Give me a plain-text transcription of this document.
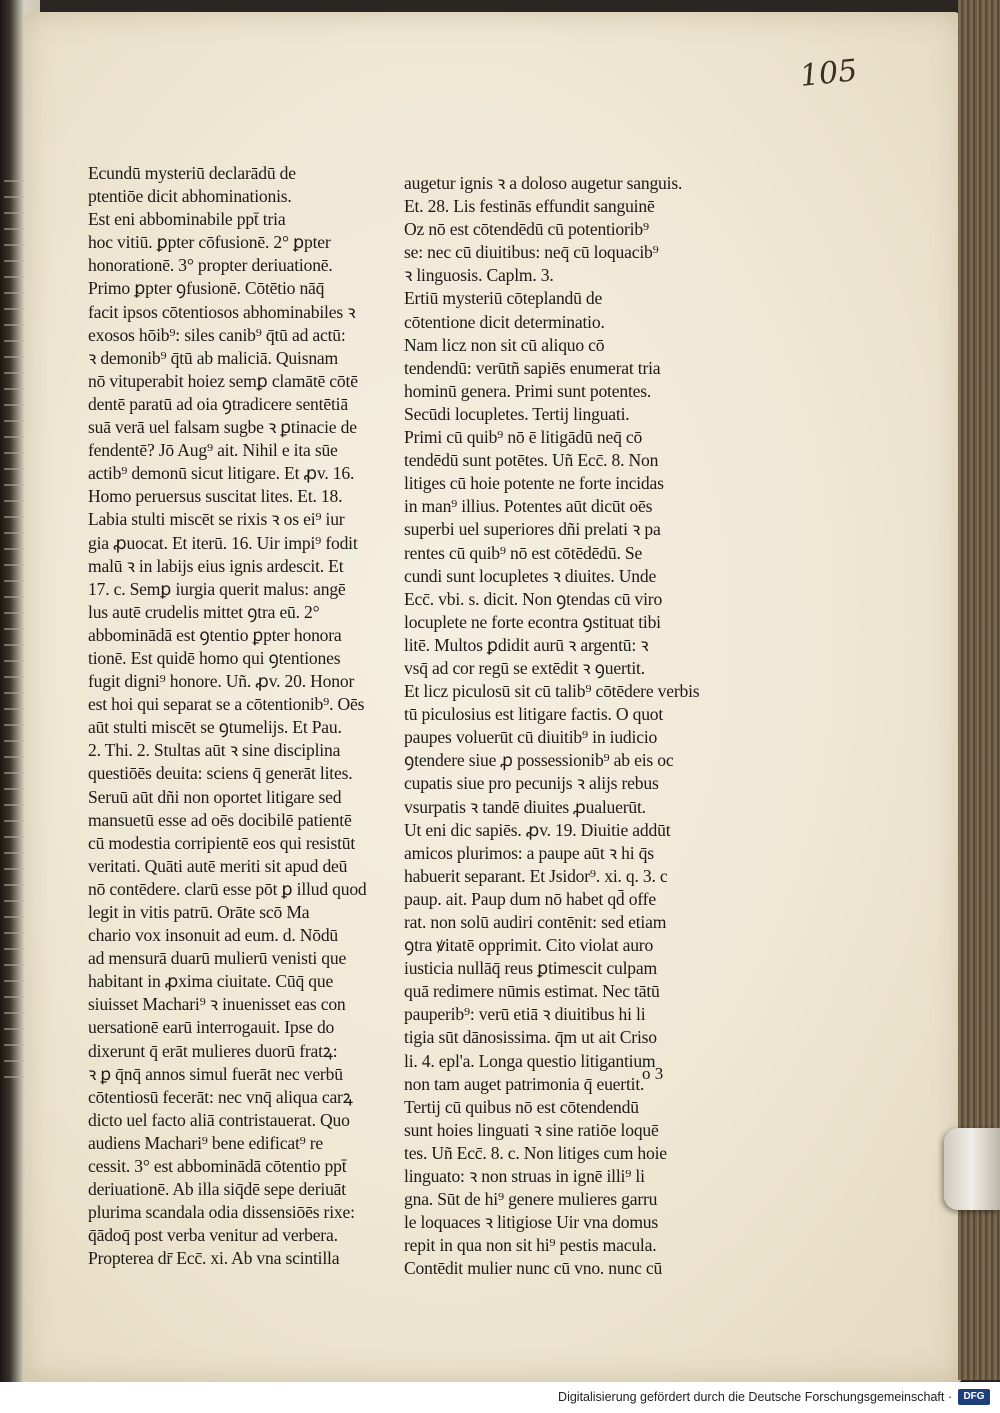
105
Ecundū mysteriū declarādū de
ptentiōe dicit abhominationis.
Est eni abbominabile ppt̄ tria
hoc vitiū. ꝑpter cōfusionē. 2° ꝑpter
honorationē. 3° propter deriuationē.
Primo ꝑpter ꝯfusionē. Cōtētio nāq̄
facit ipsos cōtentiosos abhominabiles ꝛ
exosos hōib⁹: siles canib⁹ q̄tū ad actū:
ꝛ demonib⁹ q̄tū ab maliciā. Quisnam
nō vituperabit hoiez semꝑ clamātē cōtē
dentē paratū ad oia ꝯtradicere sentētiā
suā verā uel falsam sugbe ꝛ ꝑtinacie de
fendentē? Jō Aug⁹ ait. Nihil e ita sūe
actib⁹ demonū sicut litigare. Et ꝓv. 16.
Homo peruersus suscitat lites. Et. 18.
Labia stulti miscēt se rixis ꝛ os ei⁹ iur
gia ꝓuocat. Et iterū. 16. Uir impi⁹ fodit
malū ꝛ in labijs eius ignis ardescit. Et
17. c. Semꝑ iurgia querit malus: angē
lus autē crudelis mittet ꝯtra eū. 2°
abbominādā est ꝯtentio ꝑpter honora
tionē. Est quidē homo qui ꝯtentiones
fugit digni⁹ honore. Uñ. ꝓv. 20. Honor
est hoi qui separat se a cōtentionib⁹. Oēs
aūt stulti miscēt se ꝯtumelijs. Et Pau.
2. Thi. 2. Stultas aūt ꝛ sine disciplina
questiōēs deuita: sciens q̄ generāt lites.
Seruū aūt dñi non oportet litigare sed
mansuetū esse ad oēs docibilē patientē
cū modestia corripientē eos qui resistūt
veritati. Quāti autē meriti sit apud deū
nō contēdere. clarū esse pōt ꝑ illud quod
legit in vitis patrū. Orāte scō Ma
chario vox insonuit ad eum. d. Nōdū
ad mensurā duarū mulierū venisti que
habitant in ꝓxima ciuitate. Cūq̄ que
siuisset Machari⁹ ꝛ inuenisset eas con
uersationē earū interrogauit. Ipse do
dixerunt q̄ erāt mulieres duorū fratꝝ:
ꝛ ꝑ q̄nq̄ annos simul fuerāt nec verbū
cōtentiosū fecerāt: nec vnq̄ aliqua carꝝ
dicto uel facto aliā contristauerat. Quo
audiens Machari⁹ bene edificat⁹ re
cessit. 3° est abbominādā cōtentio ppt̄
deriuationē. Ab illa siq̄dē sepe deriuāt
plurima scandala odia dissensiōēs rixe:
q̄ādoq̄ post verba venitur ad verbera.
Propterea dr̄ Ecc̄. xi. Ab vna scintilla
augetur ignis ꝛ a doloso augetur sanguis.
Et. 28. Lis festinās effundit sanguinē
Oz nō est cōtendēdū cū potentiorib⁹
se: nec cū diuitibus: neq̄ cū loquacib⁹
ꝛ linguosis. Caplm. 3.
Ertiū mysteriū cōteplandū de
cōtentione dicit determinatio.
Nam licz non sit cū aliquo cō
tendendū: verūtñ sapiēs enumerat tria
hominū genera. Primi sunt potentes.
Secūdi locupletes. Tertij linguati.
Primi cū quib⁹ nō ē litigādū neq̄ cō
tendēdū sunt potētes. Uñ Ecc̄. 8. Non
litiges cū hoie potente ne forte incidas
in man⁹ illius. Potentes aūt dicūt oēs
superbi uel superiores dñi prelati ꝛ pa
rentes cū quib⁹ nō est cōtēdēdū. Se
cundi sunt locupletes ꝛ diuites. Unde
Ecc̄. vbi. s. dicit. Non ꝯtendas cū viro
locuplete ne forte econtra ꝯstituat tibi
litē. Multos ꝑdidit aurū ꝛ argentū: ꝛ
vsq̄ ad cor regū se extēdit ꝛ ꝯuertit.
Et licz piculosū sit cū talib⁹ cōtēdere verbis
tū piculosius est litigare factis. O quot
paupes voluerūt cū diuitib⁹ in iudicio
ꝯtendere siue ꝓ possessionib⁹ ab eis oc
cupatis siue pro pecunijs ꝛ alijs rebus
vsurpatis ꝛ tandē diuites ꝓualuerūt.
Ut eni dic sapiēs. ꝓv. 19. Diuitie addūt
amicos plurimos: a paupe aūt ꝛ hi q̄s
habuerit separant. Et Jsidor⁹. xi. q. 3. c
paup. ait. Paup dum nō habet qd̄ offe
rat. non solū audiri contēnit: sed etiam
ꝯtra ꝟitatē opprimit. Cito violat auro
iusticia nullāq̄ reus ꝑtimescit culpam
quā redimere nūmis estimat. Nec tātū
pauperib⁹: verū etiā ꝛ diuitibus hi li
tigia sūt dānosissima. q̄m ut ait Criso
li. 4. epl'a. Longa questio litigantium
non tam auget patrimonia q̄ euertit.
Tertij cū quibus nō est cōtendendū
sunt hoies linguati ꝛ sine ratiōe loquē
tes. Uñ Ecc̄. 8. c. Non litiges cum hoie
linguato: ꝛ non struas in ignē illi⁹ li
gna. Sūt de hi⁹ genere mulieres garru
le loquaces ꝛ litigiose Uir vna domus
repit in qua non sit hi⁹ pestis macula.
Contēdit mulier nunc cū vno. nunc cū
o 3
Digitalisierung gefördert durch die Deutsche Forschungsgemeinschaft ·	DFG
